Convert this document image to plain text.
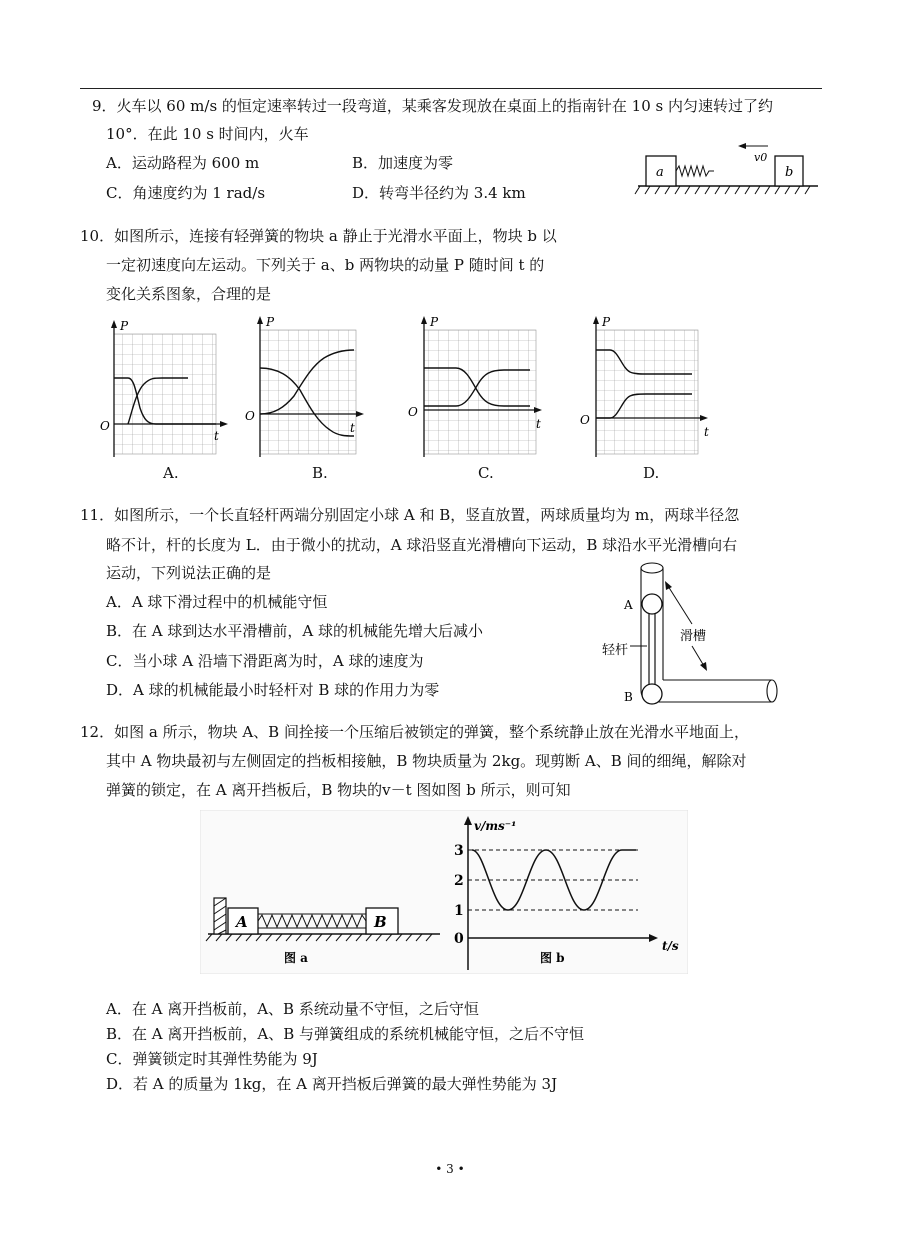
9．火车以 60 m/s 的恒定速率转过一段弯道，某乘客发现放在桌面上的指南针在 10 s 内匀速转过了约
10°．在此 10 s 时间内，火车
A．运动路程为 600 m	B．加速度为零
C．角速度约为 1 rad/s	D．转弯半径约为 3.4 km
a	b
v0
10．如图所示，连接有轻弹簧的物块 a 静止于光滑水平面上，物块 b 以
一定初速度向左运动。下列关于 a、b 两物块的动量 P 随时间 t 的
变化关系图象，合理的是
P
O
t
P
O
t
P
O
t
P
O
t
A.	B.	C.	D.
11．如图所示，一个长直轻杆两端分别固定小球 A 和 B，竖直放置，两球质量均为 m，两球半径忽
略不计，杆的长度为 L．由于微小的扰动，A 球沿竖直光滑槽向下运动，B 球沿水平光滑槽向右
运动，下列说法正确的是
A．A 球下滑过程中的机械能守恒
B．在 A 球到达水平滑槽前，A 球的机械能先增大后减小
C．当小球 A 沿墙下滑距离为时，A 球的速度为
D．A 球的机械能最小时轻杆对 B 球的作用力为零
A
B
轻杆
滑槽
12．如图 a 所示，物块 A、B 间拴接一个压缩后被锁定的弹簧，整个系统静止放在光滑水平地面上，
其中 A 物块最初与左侧固定的挡板相接触，B 物块质量为 2kg。现剪断 A、B 间的细绳，解除对
弹簧的锁定，在 A 离开挡板后，B 物块的v－t 图如图 b 所示，则可知
A	B
图 a
v/ms⁻¹
t/s
3
2
1
0
图 b
A．在 A 离开挡板前，A、B 系统动量不守恒，之后守恒
B．在 A 离开挡板前，A、B 与弹簧组成的系统机械能守恒，之后不守恒
C．弹簧锁定时其弹性势能为 9J
D．若 A 的质量为 1kg，在 A 离开挡板后弹簧的最大弹性势能为 3J
• 3 •
